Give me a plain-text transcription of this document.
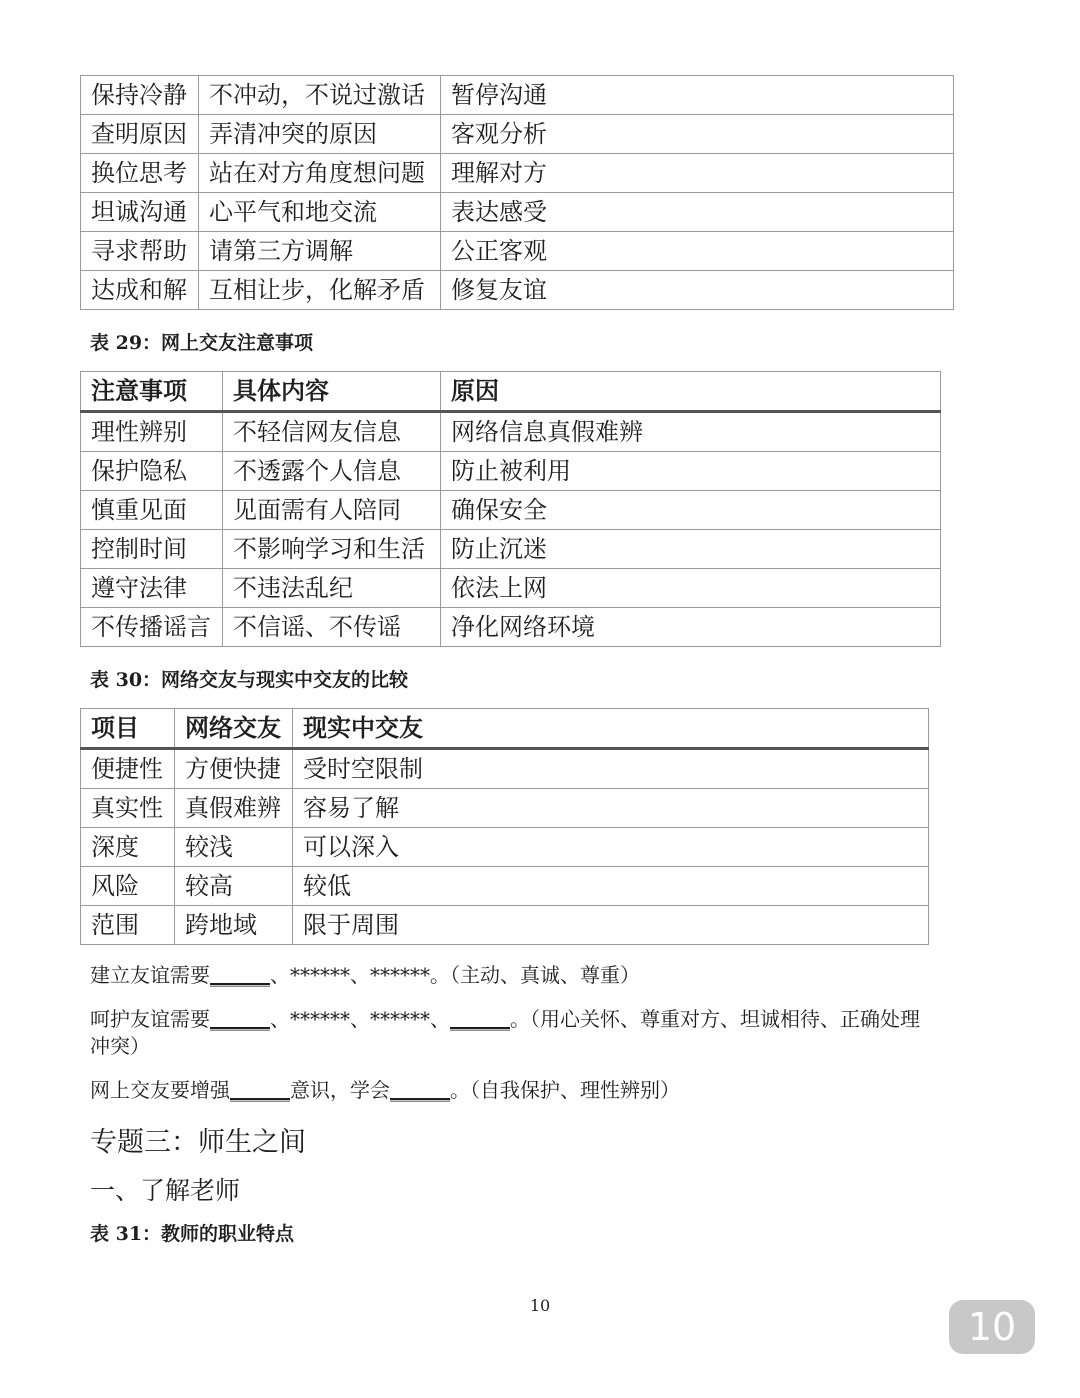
保持冷静	不冲动，不说过激话	暂停沟通
查明原因	弄清冲突的原因	客观分析
换位思考	站在对方角度想问题	理解对方
坦诚沟通	心平气和地交流	表达感受
寻求帮助	请第三方调解	公正客观
达成和解	互相让步，化解矛盾	修复友谊
表 29：网上交友注意事项
注意事项	具体内容	原因
理性辨别	不轻信网友信息	网络信息真假难辨
保护隐私	不透露个人信息	防止被利用
慎重见面	见面需有人陪同	确保安全
控制时间	不影响学习和生活	防止沉迷
遵守法律	不违法乱纪	依法上网
不传播谣言	不信谣、不传谣	净化网络环境
表 30：网络交友与现实中交友的比较
项目	网络交友	现实中交友
便捷性	方便快捷	受时空限制
真实性	真假难辨	容易了解
深度	较浅	可以深入
风险	较高	较低
范围	跨地域	限于周围
建立友谊需要______、******、******。（主动、真诚、尊重）
呵护友谊需要______、******、******、______。（用心关怀、尊重对方、坦诚相待、正确处理
冲突）
网上交友要增强______意识，学会______。（自我保护、理性辨别）
专题三：师生之间
一、了解老师
表 31：教师的职业特点
10	10
